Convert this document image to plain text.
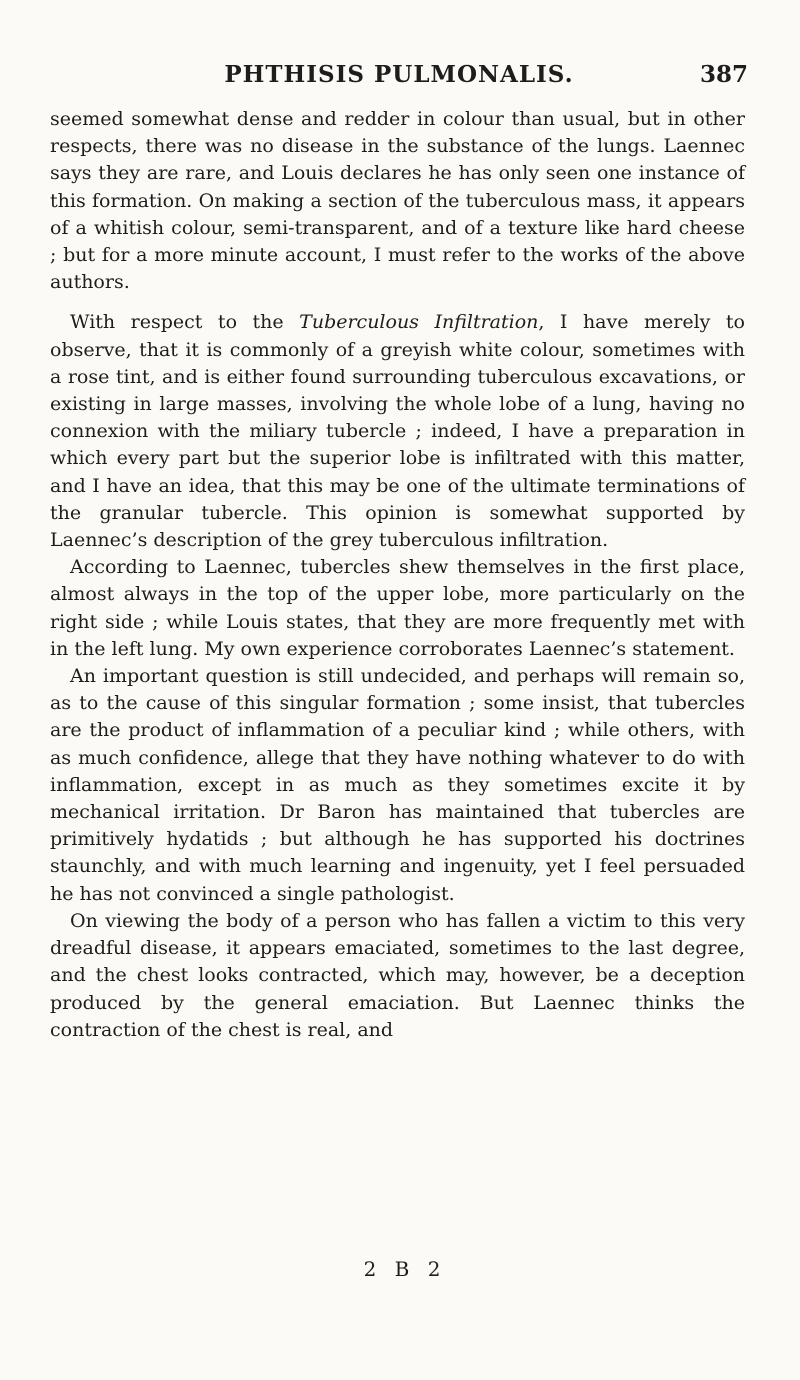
PHTHISIS PULMONALIS.	387

seemed somewhat dense and redder in colour than usual, but in other respects, there was no disease in the substance of the lungs. Laennec says they are rare, and Louis declares he has only seen one instance of this formation. On making a section of the tuberculous mass, it appears of a whitish colour, semi-transparent, and of a texture like hard cheese ; but for a more minute account, I must refer to the works of the above authors.

With respect to the Tuberculous Infiltration, I have merely to observe, that it is commonly of a greyish white colour, sometimes with a rose tint, and is either found surrounding tuberculous excavations, or existing in large masses, involving the whole lobe of a lung, having no connexion with the miliary tubercle ; indeed, I have a preparation in which every part but the superior lobe is infiltrated with this matter, and I have an idea, that this may be one of the ultimate terminations of the granular tubercle. This opinion is somewhat supported by Laennec’s description of the grey tuberculous infiltration.

According to Laennec, tubercles shew themselves in the first place, almost always in the top of the upper lobe, more particularly on the right side ; while Louis states, that they are more frequently met with in the left lung. My own experience corroborates Laennec’s statement.

An important question is still undecided, and perhaps will remain so, as to the cause of this singular formation ; some insist, that tubercles are the product of inflammation of a peculiar kind ; while others, with as much confidence, allege that they have nothing whatever to do with inflammation, except in as much as they sometimes excite it by mechanical irritation. Dr Baron has maintained that tubercles are primitively hydatids ; but although he has supported his doctrines staunchly, and with much learning and ingenuity, yet I feel persuaded he has not convinced a single pathologist.

On viewing the body of a person who has fallen a victim to this very dreadful disease, it appears emaciated, sometimes to the last degree, and the chest looks contracted, which may, however, be a deception produced by the general emaciation. But Laennec thinks the contraction of the chest is real, and

2 B 2
